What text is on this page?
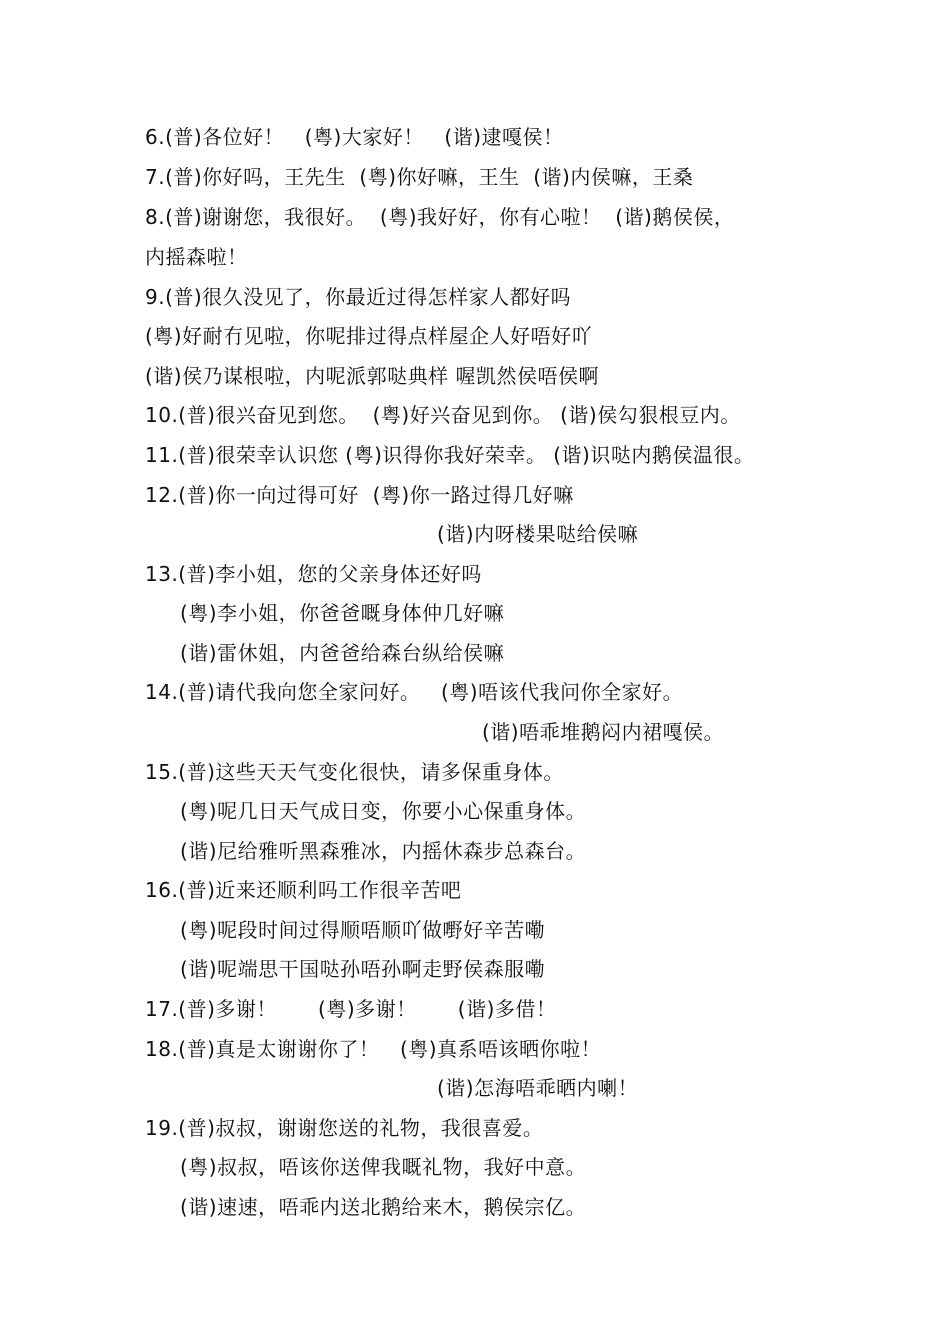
6.(普)各位好！   (粤)大家好！   (谐)逮嘎侯！
7.(普)你好吗，王先生  (粤)你好嘛，王生  (谐)内侯嘛，王桑
8.(普)谢谢您，我很好。  (粤)我好好，你有心啦！  (谐)鹅侯侯，
内摇森啦！
9.(普)很久没见了，你最近过得怎样家人都好吗
(粤)好耐冇见啦，你呢排过得点样屋企人好唔好吖
(谐)侯乃谋根啦，内呢派郭哒典样 喔凯然侯唔侯啊
10.(普)很兴奋见到您。  (粤)好兴奋见到你。 (谐)侯勾狠根豆内。
11.(普)很荣幸认识您 (粤)识得你我好荣幸。 (谐)识哒内鹅侯温很。
12.(普)你一向过得可好  (粤)你一路过得几好嘛
(谐)内呀楼果哒给侯嘛
13.(普)李小姐，您的父亲身体还好吗
(粤)李小姐，你爸爸嘅身体仲几好嘛
(谐)雷休姐，内爸爸给森台纵给侯嘛
14.(普)请代我向您全家问好。   (粤)唔该代我问你全家好。
(谐)唔乖堆鹅闷内裙嘎侯。
15.(普)这些天天气变化很快，请多保重身体。
(粤)呢几日天气成日变，你要小心保重身体。
(谐)尼给雅听黑森雅冰，内摇休森步总森台。
16.(普)近来还顺利吗工作很辛苦吧
(粤)呢段时间过得顺唔顺吖做嘢好辛苦嘞
(谐)呢端思干国哒孙唔孙啊走野侯森服嘞
17.(普)多谢！      (粤)多谢！      (谐)多借！
18.(普)真是太谢谢你了！   (粤)真系唔该晒你啦！
(谐)怎海唔乖晒内喇！
19.(普)叔叔，谢谢您送的礼物，我很喜爱。
(粤)叔叔，唔该你送俾我嘅礼物，我好中意。
(谐)速速，唔乖内送北鹅给来木，鹅侯宗亿。
